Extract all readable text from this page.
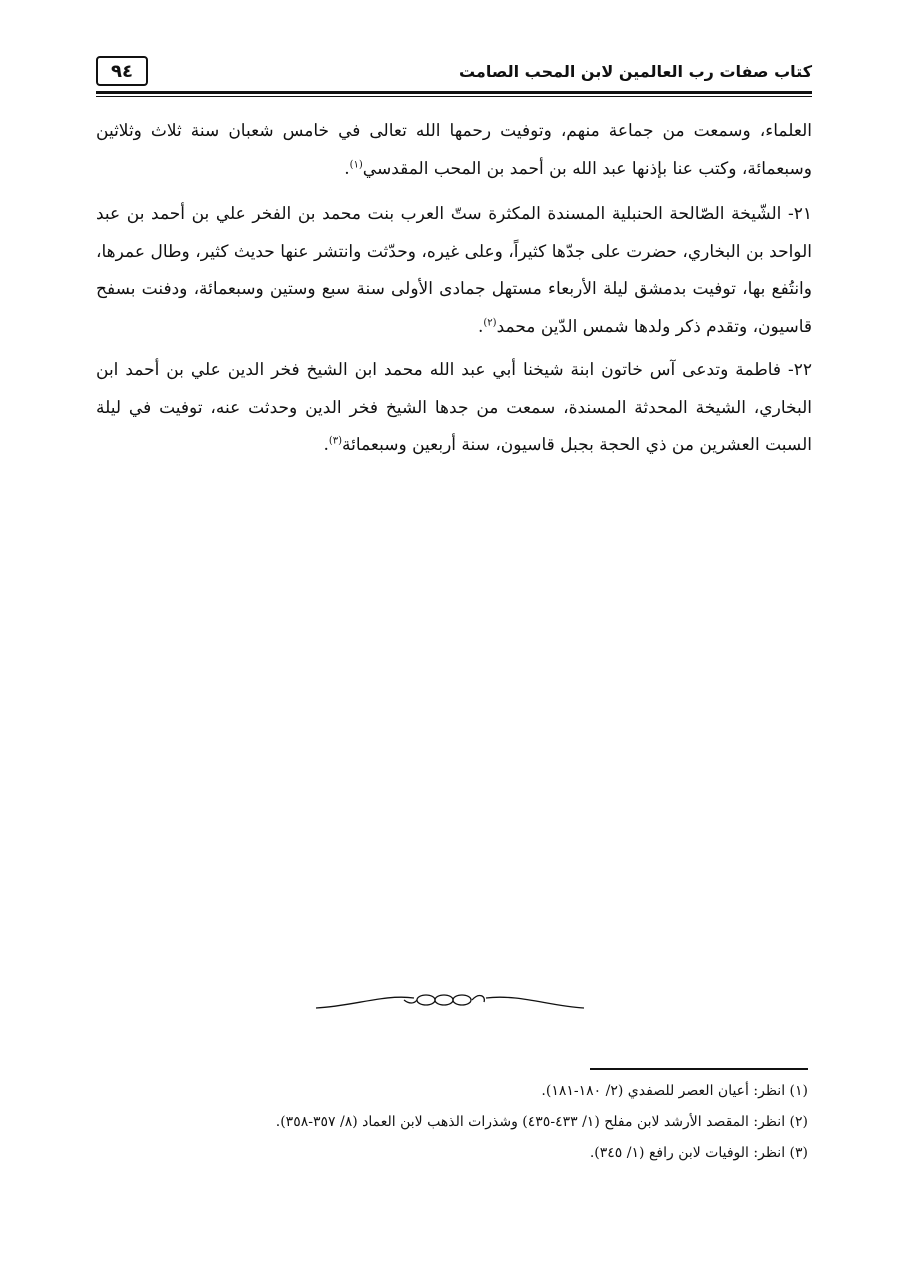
كتاب صفات رب العالمين لابن المحب الصامت
٩٤

العلماء، وسمعت من جماعة منهم، وتوفيت رحمها الله تعالى في خامس شعبان سنة ثلاث وثلاثين وسبعمائة، وكتب عنا بإذنها عبد الله بن أحمد بن المحب المقدسي$^{(١)}$.

٢١- الشّيخة الصّالحة الحنبلية المسندة المكثرة ستّ العرب بنت محمد بن الفخر علي بن أحمد بن عبد الواحد بن البخاري، حضرت على جدّها كثيراً، وعلى غيره، وحدّثت وانتشر عنها حديث كثير، وطال عمرها، وانتُفع بها، توفيت بدمشق ليلة الأربعاء مستهل جمادى الأولى سنة سبع وستين وسبعمائة، ودفنت بسفح قاسيون، وتقدم ذكر ولدها شمس الدّين محمد$^{(٢)}$.

٢٢- فاطمة وتدعى آس خاتون ابنة شيخنا أبي عبد الله محمد ابن الشيخ فخر الدين علي بن أحمد ابن البخاري، الشيخة المحدثة المسندة، سمعت من جدها الشيخ فخر الدين وحدثت عنه، توفيت في ليلة السبت العشرين من ذي الحجة بجبل قاسيون، سنة أربعين وسبعمائة$^{(٣)}$.

(١) انظر: أعيان العصر للصفدي (٢/ ١٨٠-١٨١).
(٢) انظر: المقصد الأرشد لابن مفلح (١/ ٤٣٣-٤٣٥) وشذرات الذهب لابن العماد (٨/ ٣٥٧-٣٥٨).
(٣) انظر: الوفيات لابن رافع (١/ ٣٤٥).
